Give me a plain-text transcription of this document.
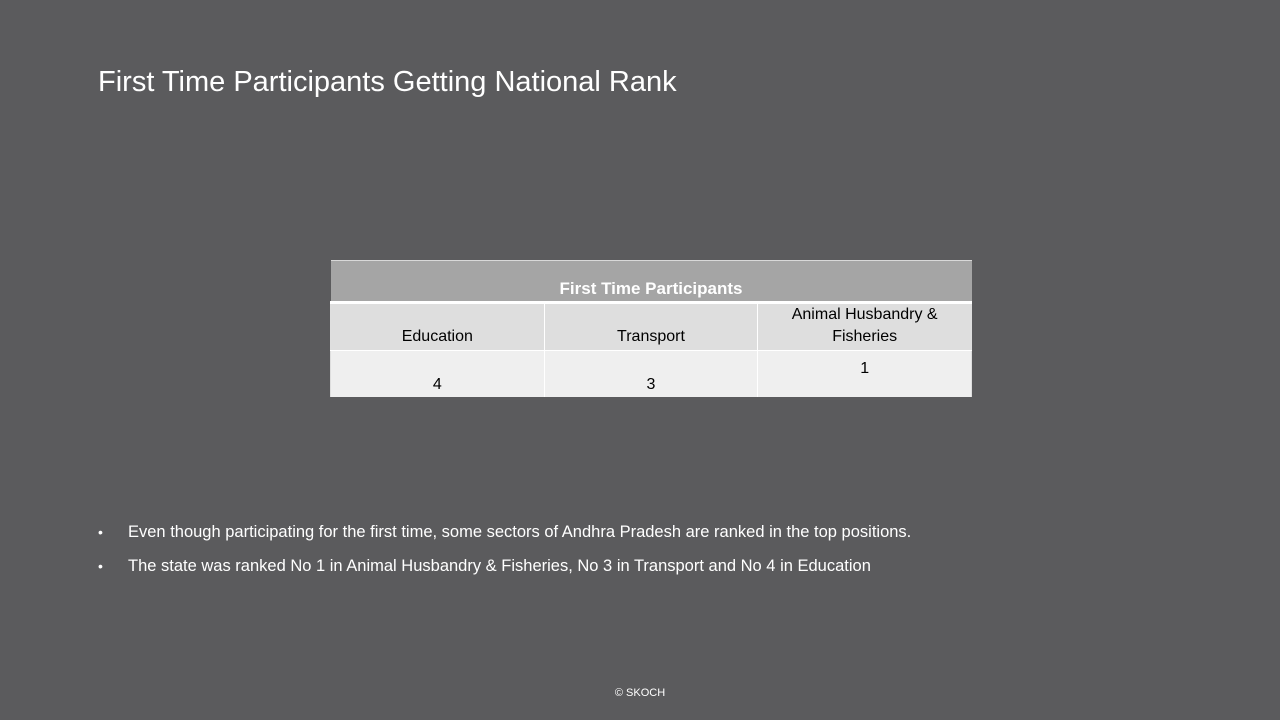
First Time Participants Getting National Rank
First Time Participants		
Education	Transport	Animal Husbandry & Fisheries
4	3	1
• Even though participating for the first time, some sectors of Andhra Pradesh are ranked in the top positions.
• The state was ranked No 1 in Animal Husbandry & Fisheries, No 3 in Transport and No 4 in Education
© SKOCH
